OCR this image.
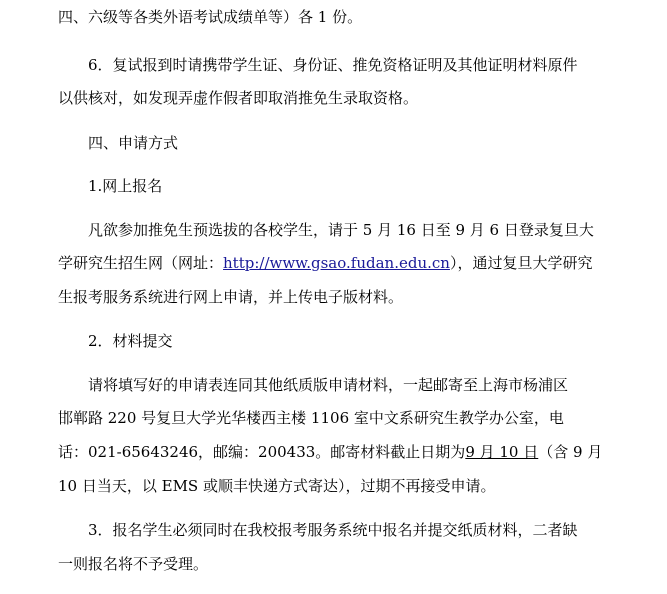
四、六级等各类外语考试成绩单等）各 1 份。
6．复试报到时请携带学生证、身份证、推免资格证明及其他证明材料原件
以供核对，如发现弄虚作假者即取消推免生录取资格。
四、申请方式
1.网上报名
凡欲参加推免生预选拔的各校学生，请于 5 月 16 日至 9 月 6 日登录复旦大
学研究生招生网（网址：http://www.gsao.fudan.edu.cn），通过复旦大学研究
生报考服务系统进行网上申请，并上传电子版材料。
2．材料提交
请将填写好的申请表连同其他纸质版申请材料，一起邮寄至上海市杨浦区
邯郸路 220 号复旦大学光华楼西主楼 1106 室中文系研究生教学办公室，电
话：021-65643246，邮编：200433。邮寄材料截止日期为9 月 10 日（含 9 月
10 日当天，以 EMS 或顺丰快递方式寄达），过期不再接受申请。
3．报名学生必须同时在我校报考服务系统中报名并提交纸质材料，二者缺
一则报名将不予受理。
